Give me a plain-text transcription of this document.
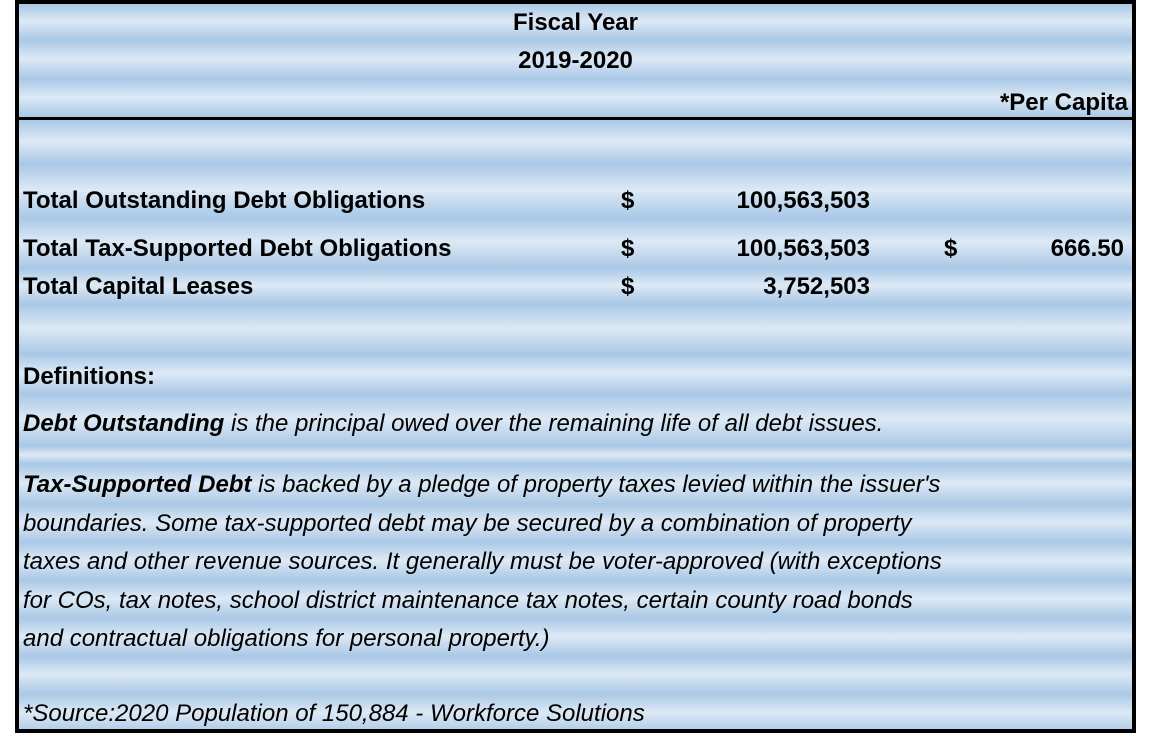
Fiscal Year
2019-2020
*Per Capita
Total Outstanding Debt Obligations	$	100,563,503
Total Tax-Supported Debt Obligations	$	100,563,503	$	666.50
Total Capital Leases	$	3,752,503
Definitions:
Debt Outstanding is the principal owed over the remaining life of all debt issues.
Tax-Supported Debt is backed by a pledge of property taxes levied within the issuer's
boundaries. Some tax-supported debt may be secured by a combination of property
taxes and other revenue sources. It generally must be voter-approved (with exceptions
for COs, tax notes, school district maintenance tax notes, certain county road bonds
and contractual obligations for personal property.)
*Source:2020 Population of 150,884 - Workforce Solutions
